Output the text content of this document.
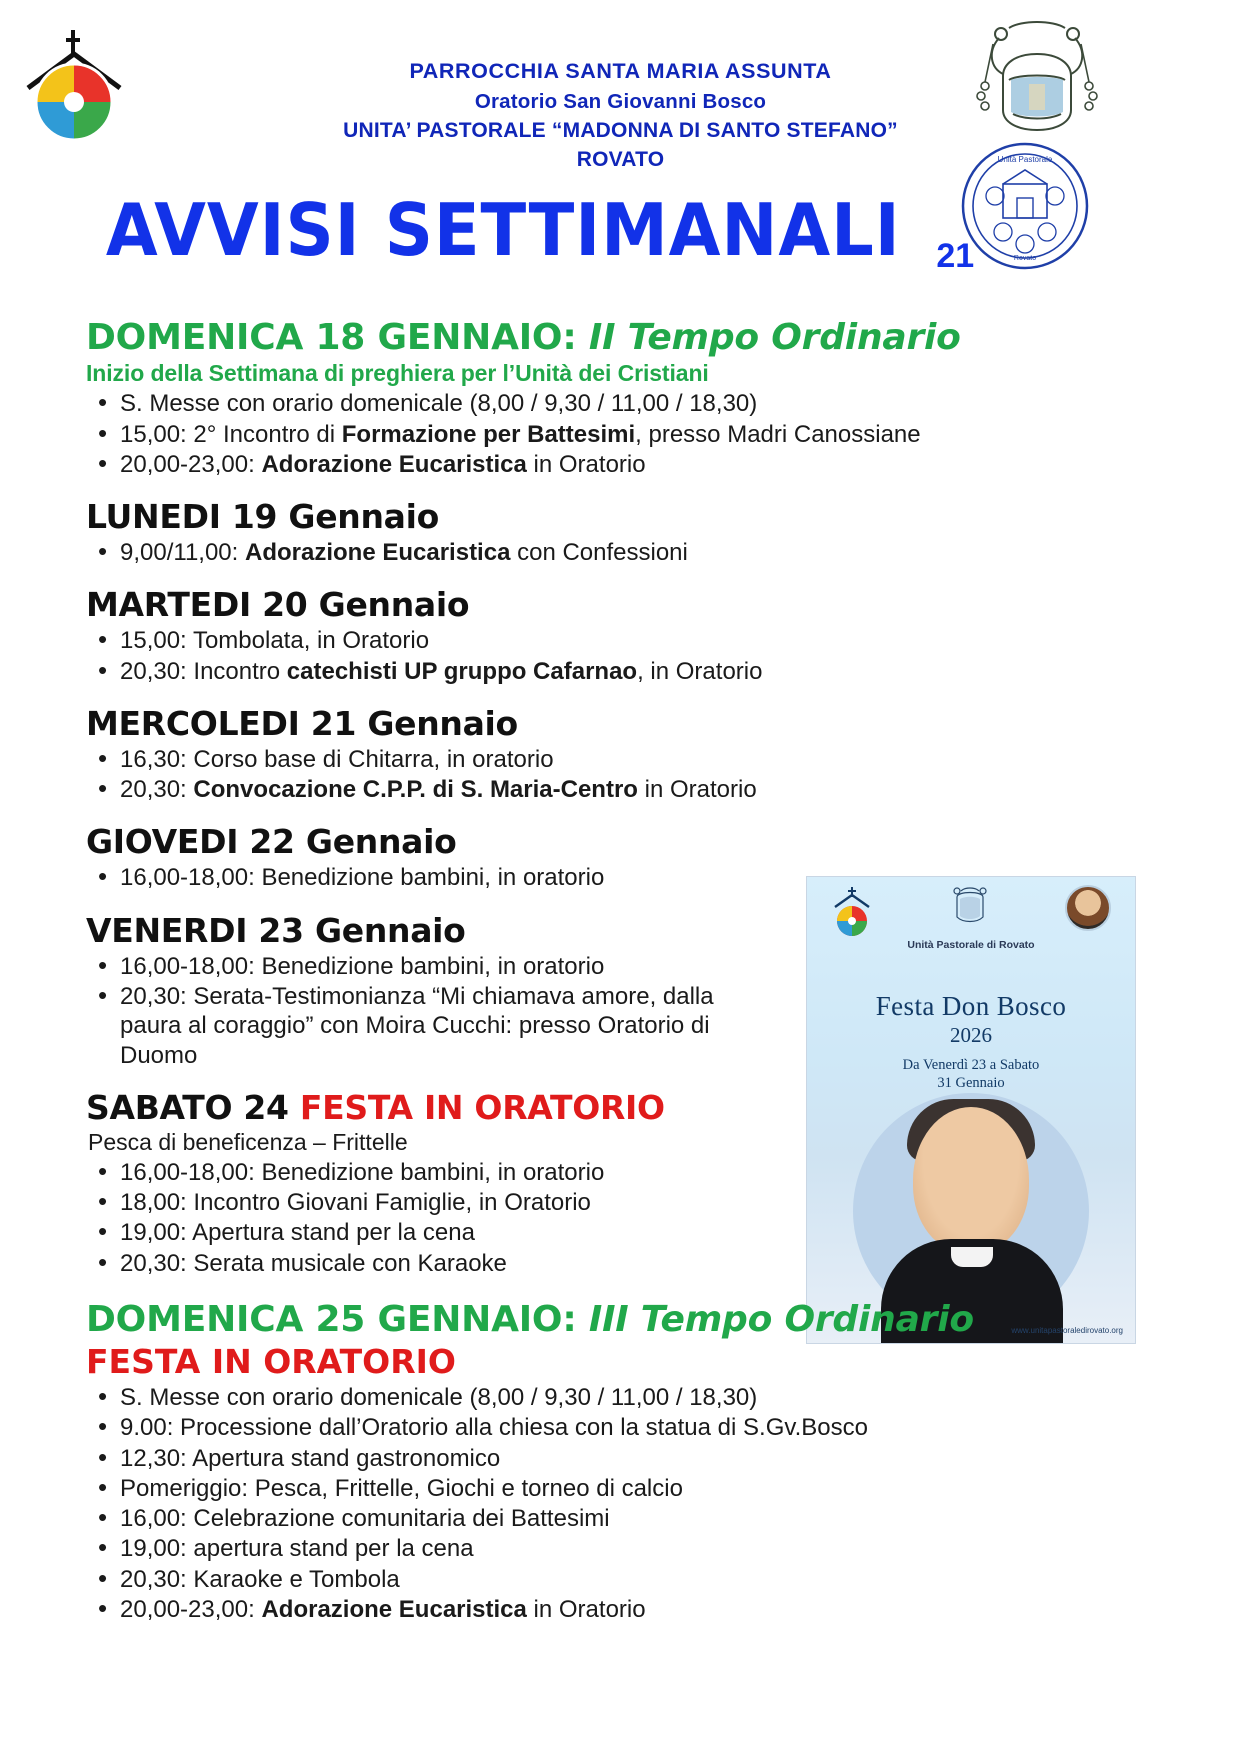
PARROCCHIA SANTA MARIA ASSUNTA
Oratorio San Giovanni Bosco
UNITA’ PASTORALE “MADONNA DI SANTO STEFANO”
ROVATO	Unità Pastorale
Rovato
AVVISI SETTIMANALI 21
Unità Pastorale di Rovato
Festa Don Bosco
2026
Da Venerdì 23 a Sabato
31 Gennaio
www.unitapastoraledirovato.org
DOMENICA 18 GENNAIO: II Tempo Ordinario
Inizio della Settimana di preghiera per l’Unità dei Cristiani
• S. Messe con orario domenicale (8,00 / 9,30 / 11,00 / 18,30)
• 15,00: 2° Incontro di Formazione per Battesimi, presso Madri Canossiane
• 20,00-23,00: Adorazione Eucaristica in Oratorio
LUNEDI 19 Gennaio
• 9,00/11,00: Adorazione Eucaristica con Confessioni
MARTEDI 20 Gennaio
• 15,00: Tombolata, in Oratorio
• 20,30: Incontro catechisti UP gruppo Cafarnao, in Oratorio
MERCOLEDI 21 Gennaio
• 16,30: Corso base di Chitarra, in oratorio
• 20,30: Convocazione C.P.P. di S. Maria-Centro in Oratorio
GIOVEDI 22 Gennaio
• 16,00-18,00: Benedizione bambini, in oratorio
VENERDI 23 Gennaio
• 16,00-18,00: Benedizione bambini, in oratorio
• 20,30: Serata-Testimonianza “Mi chiamava amore, dalla paura al coraggio” con Moira Cucchi: presso Oratorio di Duomo
SABATO 24 FESTA IN ORATORIO
Pesca di beneficenza – Frittelle
• 16,00-18,00: Benedizione bambini, in oratorio
• 18,00: Incontro Giovani Famiglie, in Oratorio
• 19,00: Apertura stand per la cena
• 20,30: Serata musicale con Karaoke
DOMENICA 25 GENNAIO: III Tempo Ordinario
FESTA IN ORATORIO
• S. Messe con orario domenicale (8,00 / 9,30 / 11,00 / 18,30)
• 9.00: Processione dall’Oratorio alla chiesa con la statua di S.Gv.Bosco
• 12,30: Apertura stand gastronomico
• Pomeriggio: Pesca, Frittelle, Giochi e torneo di calcio
• 16,00: Celebrazione comunitaria dei Battesimi
• 19,00: apertura stand per la cena
• 20,30: Karaoke e Tombola
• 20,00-23,00: Adorazione Eucaristica in Oratorio
